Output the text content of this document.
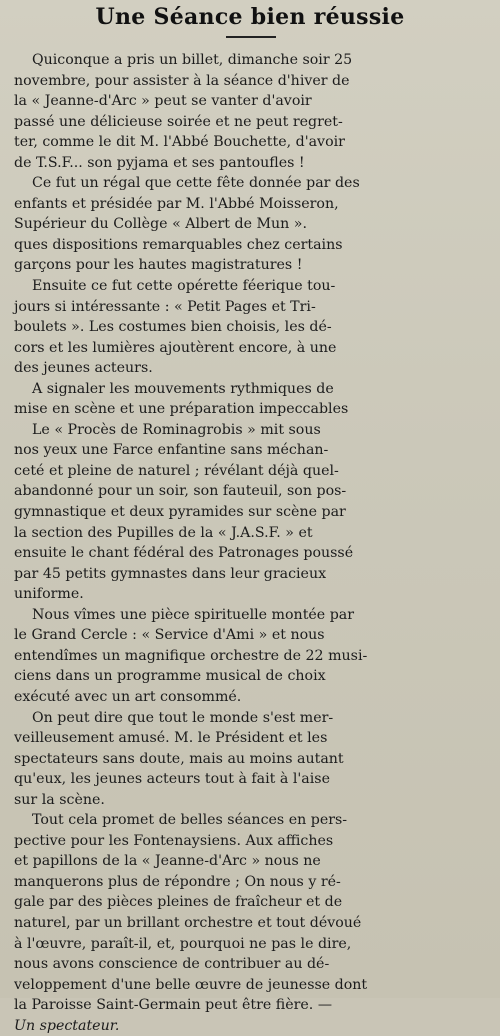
Une Séance bien réussie
Quiconque a pris un billet, dimanche soir 25
novembre, pour assister à la séance d'hiver de
la « Jeanne-d'Arc » peut se vanter d'avoir
passé une délicieuse soirée et ne peut regret-
ter, comme le dit M. l'Abbé Bouchette, d'avoir
de T.S.F... son pyjama et ses pantoufles !
Ce fut un régal que cette fête donnée par des
enfants et présidée par M. l'Abbé Moisseron,
Supérieur du Collège « Albert de Mun ».
ques dispositions remarquables chez certains
garçons pour les hautes magistratures !
Ensuite ce fut cette opérette féerique tou-
jours si intéressante : « Petit Pages et Tri-
boulets ». Les costumes bien choisis, les dé-
cors et les lumières ajoutèrent encore, à une
des jeunes acteurs.
A signaler les mouvements rythmiques de
mise en scène et une préparation impeccables
Le « Procès de Rominagrobis » mit sous
nos yeux une Farce enfantine sans méchan-
ceté et pleine de naturel ; révélant déjà quel-
abandonné pour un soir, son fauteuil, son pos-
gymnastique et deux pyramides sur scène par
la section des Pupilles de la « J.A.S.F. » et
ensuite le chant fédéral des Patronages poussé
par 45 petits gymnastes dans leur gracieux
uniforme.
Nous vîmes une pièce spirituelle montée par
le Grand Cercle : « Service d'Ami » et nous
entendîmes un magnifique orchestre de 22 musi-
ciens dans un programme musical de choix
exécuté avec un art consommé.
On peut dire que tout le monde s'est mer-
veilleusement amusé. M. le Président et les
spectateurs sans doute, mais au moins autant
qu'eux, les jeunes acteurs tout à fait à l'aise
sur la scène.
Tout cela promet de belles séances en pers-
pective pour les Fontenaysiens. Aux affiches
et papillons de la « Jeanne-d'Arc » nous ne
manquerons plus de répondre ; On nous y ré-
gale par des pièces pleines de fraîcheur et de
naturel, par un brillant orchestre et tout dévoué
à l'œuvre, paraît-il, et, pourquoi ne pas le dire,
nous avons conscience de contribuer au dé-
veloppement d'une belle œuvre de jeunesse dont
la Paroisse Saint-Germain peut être fière. —
Un spectateur.
